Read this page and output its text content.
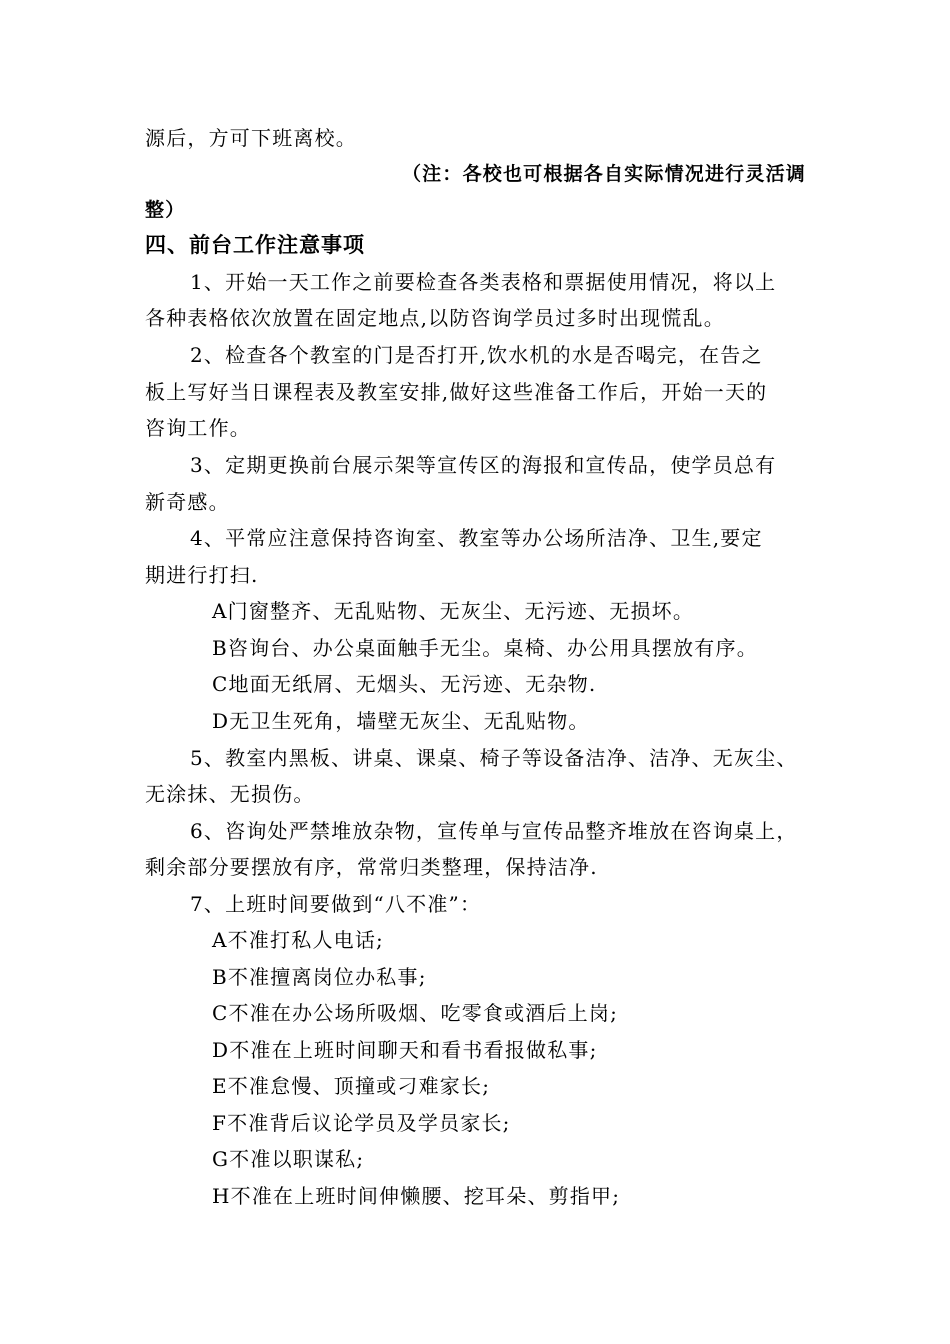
源后，方可下班离校。
（注：各校也可根据各自实际情况进行灵活调
整）
四、前台工作注意事项
1、开始一天工作之前要检查各类表格和票据使用情况，将以上
各种表格依次放置在固定地点,以防咨询学员过多时出现慌乱。
2、检查各个教室的门是否打开,饮水机的水是否喝完，在告之
板上写好当日课程表及教室安排,做好这些准备工作后，开始一天的
咨询工作。
3、定期更换前台展示架等宣传区的海报和宣传品，使学员总有
新奇感。
4、平常应注意保持咨询室、教室等办公场所洁净、卫生,要定
期进行打扫.
A门窗整齐、无乱贴物、无灰尘、无污迹、无损坏。
B咨询台、办公桌面触手无尘。桌椅、办公用具摆放有序。
C地面无纸屑、无烟头、无污迹、无杂物.
D无卫生死角，墙壁无灰尘、无乱贴物。
5、教室内黑板、讲桌、课桌、椅子等设备洁净、洁净、无灰尘、
无涂抹、无损伤。
6、咨询处严禁堆放杂物，宣传单与宣传品整齐堆放在咨询桌上，
剩余部分要摆放有序，常常归类整理，保持洁净.
7、上班时间要做到“八不准”：
A不准打私人电话;
B不准擅离岗位办私事;
C不准在办公场所吸烟、吃零食或酒后上岗;
D不准在上班时间聊天和看书看报做私事;
E不准怠慢、顶撞或刁难家长;
F不准背后议论学员及学员家长;
G不准以职谋私;
H不准在上班时间伸懒腰、挖耳朵、剪指甲;
